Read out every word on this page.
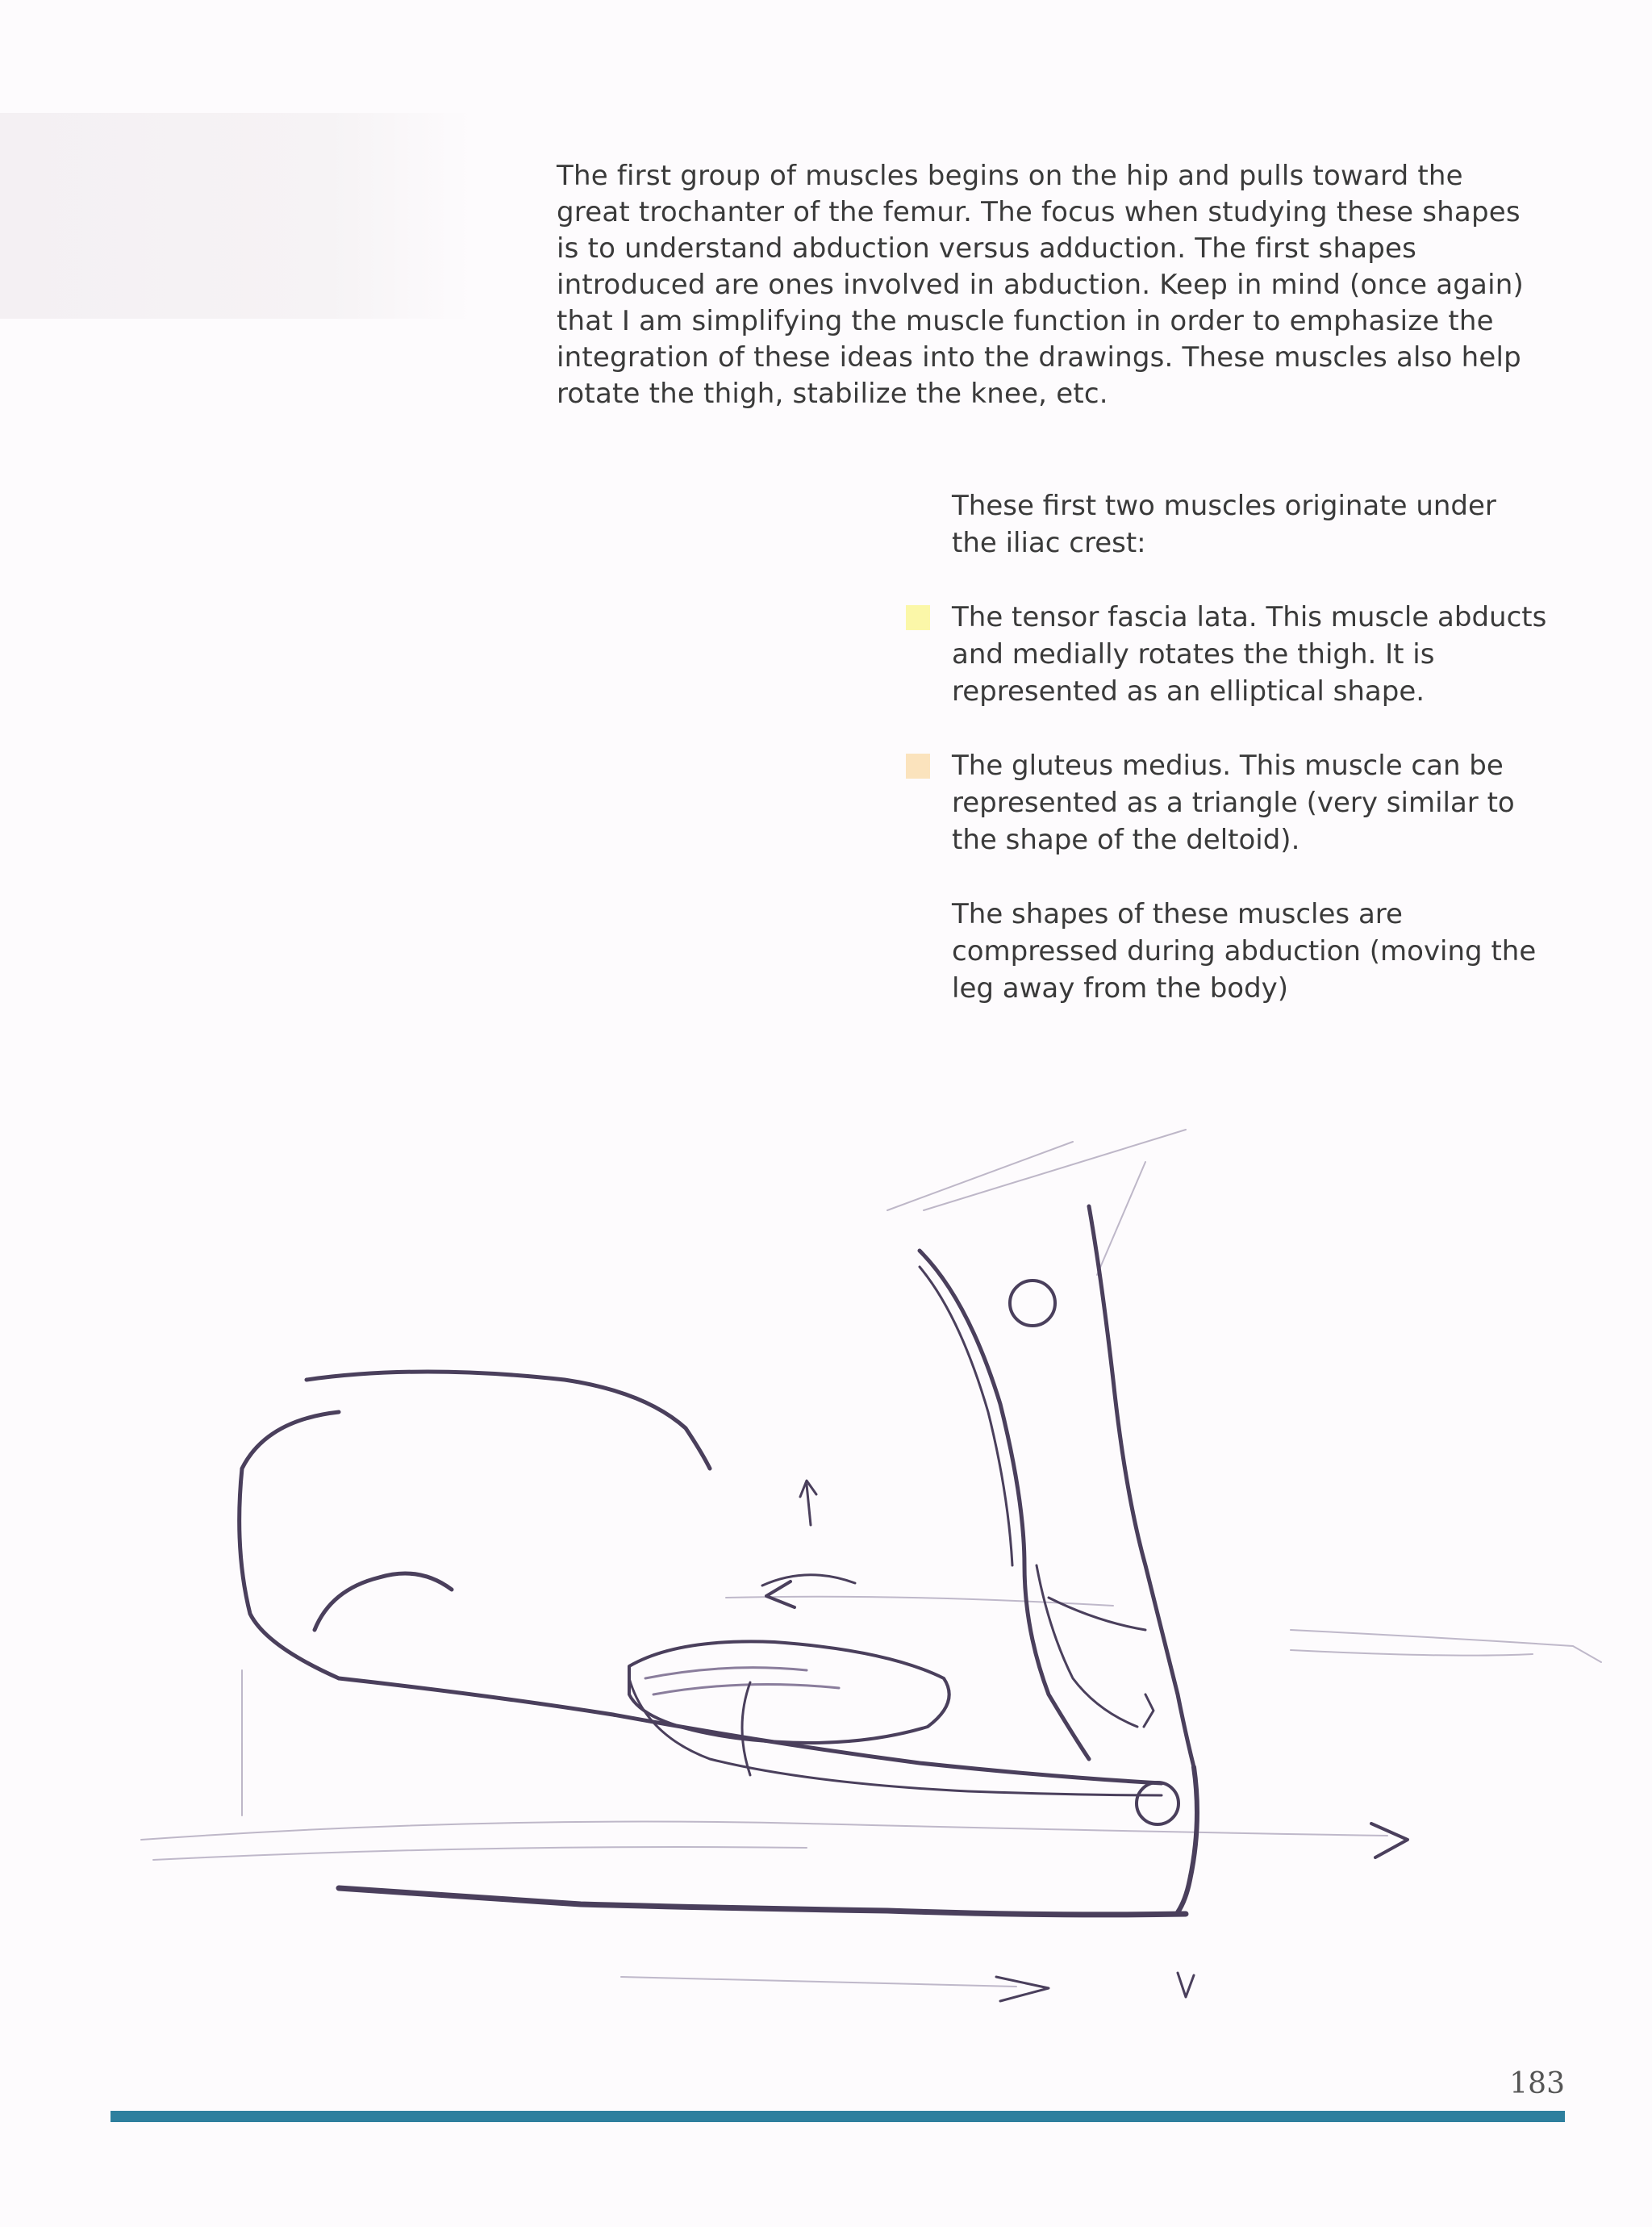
The first group of muscles begins on the hip and pulls toward the great trochanter of the femur. The focus when studying these shapes is to understand abduction versus adduction. The first shapes introduced are ones involved in abduction. Keep in mind (once again) that I am simplifying the muscle function in order to emphasize the integration of these ideas into the drawings. These muscles also help rotate the thigh, stabilize the knee, etc.

These first two muscles originate under the iliac crest:

The tensor fascia lata. This muscle abducts and medially rotates the thigh. It is represented as an elliptical shape.

The gluteus medius. This muscle can be represented as a triangle (very similar to the shape of the deltoid).

The shapes of these muscles are compressed during abduction (moving the leg away from the body)

183
